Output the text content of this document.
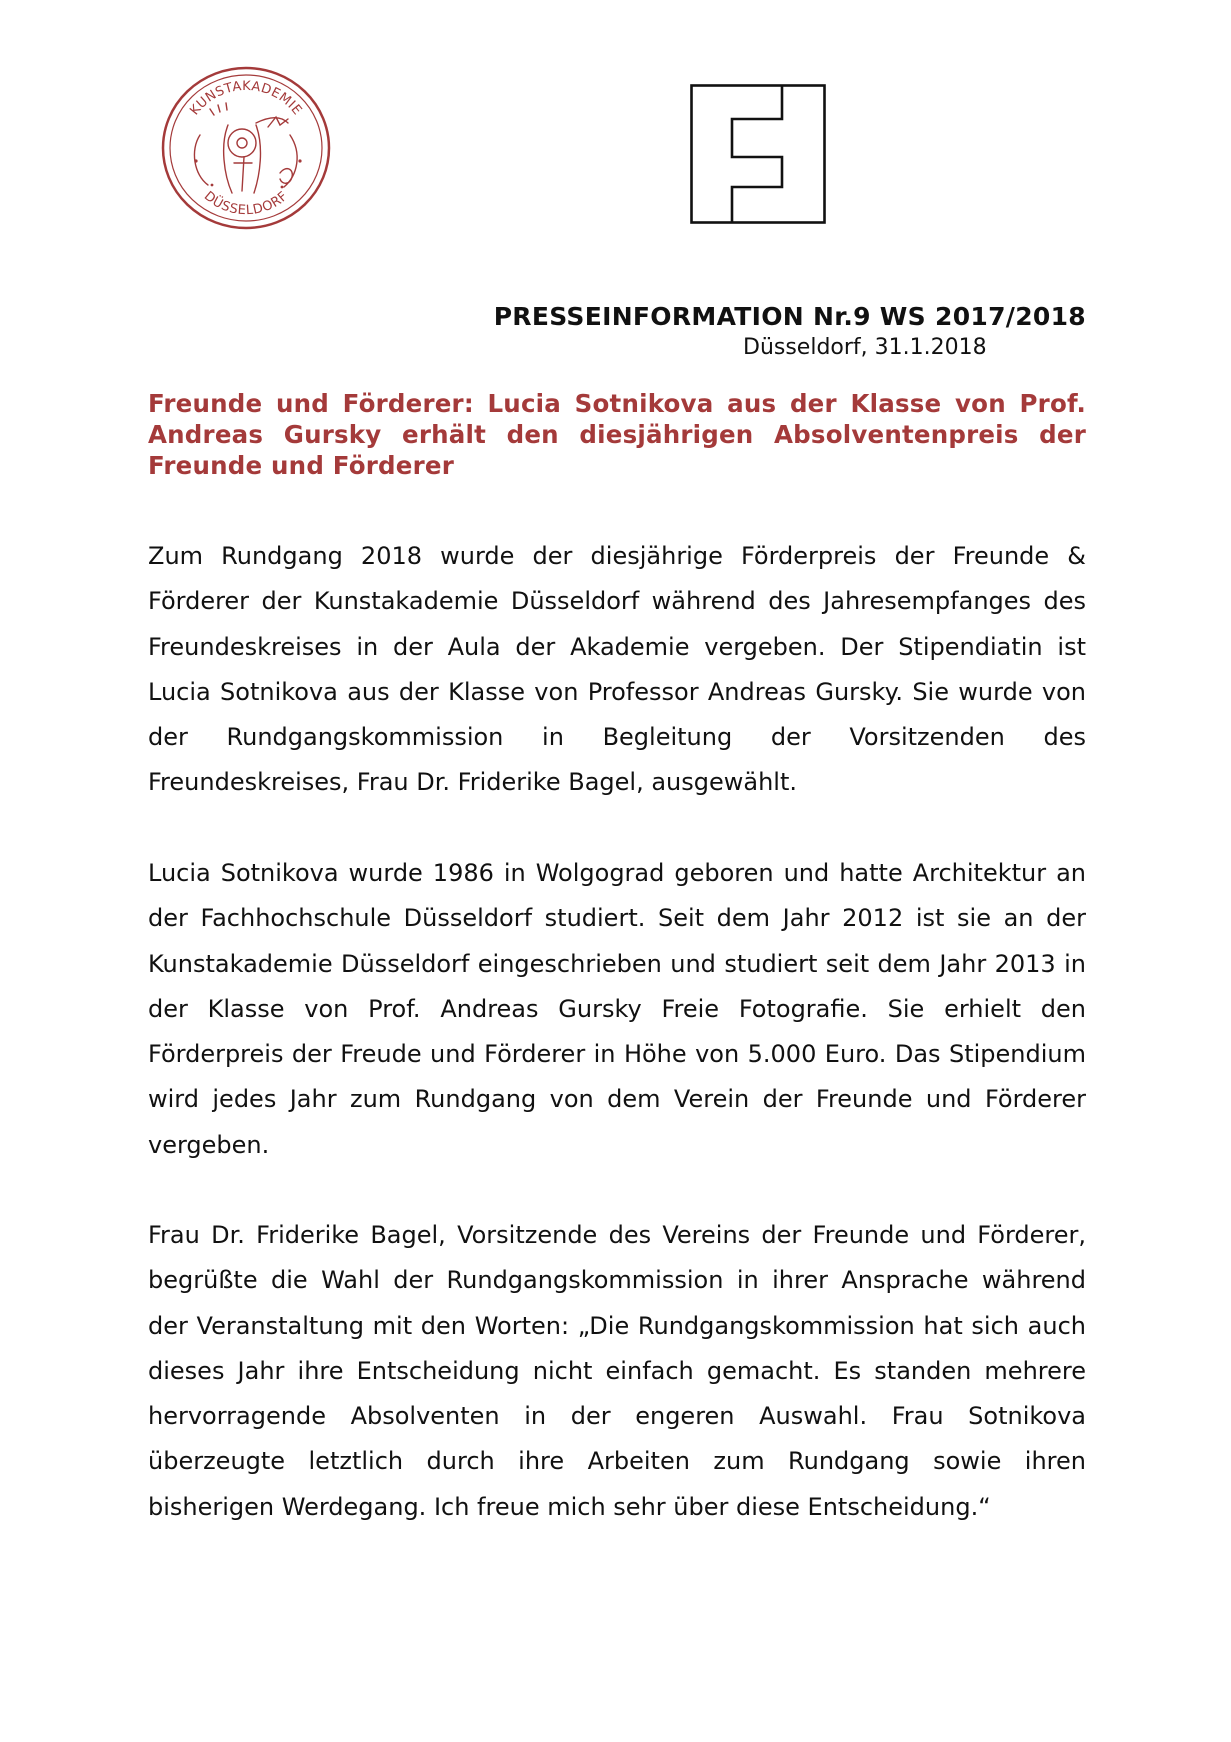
KUNSTAKADEMIE
DÜSSELDORF
PRESSEINFORMATION Nr.9 WS 2017/2018
Düsseldorf, 31.1.2018
Freunde und Förderer: Lucia Sotnikova aus der Klasse von Prof. Andreas Gursky erhält den diesjährigen Absolventenpreis der Freunde und Förderer

Zum Rundgang 2018 wurde der diesjährige Förderpreis der Freunde & Förderer der Kunstakademie Düsseldorf während des Jahresempfanges des Freundeskreises in der Aula der Akademie vergeben. Der Stipendiatin ist Lucia Sotnikova aus der Klasse von Professor Andreas Gursky. Sie wurde von der Rundgangskommission in Begleitung der Vorsitzenden des Freundeskreises, Frau Dr. Friderike Bagel, ausgewählt.

Lucia Sotnikova wurde 1986 in Wolgograd geboren und hatte Architektur an der Fachhochschule Düsseldorf studiert. Seit dem Jahr 2012 ist sie an der Kunstakademie Düsseldorf eingeschrieben und studiert seit dem Jahr 2013 in der Klasse von Prof. Andreas Gursky Freie Fotografie. Sie erhielt den Förderpreis der Freude und Förderer in Höhe von 5.000 Euro. Das Stipendium wird jedes Jahr zum Rundgang von dem Verein der Freunde und Förderer vergeben.

Frau Dr. Friderike Bagel, Vorsitzende des Vereins der Freunde und Förderer, begrüßte die Wahl der Rundgangskommission in ihrer Ansprache während der Veranstaltung mit den Worten: „Die Rundgangskommission hat sich auch dieses Jahr ihre Entscheidung nicht einfach gemacht. Es standen mehrere hervorragende Absolventen in der engeren Auswahl. Frau Sotnikova überzeugte letztlich durch ihre Arbeiten zum Rundgang sowie ihren bisherigen Werdegang. Ich freue mich sehr über diese Entscheidung.“
